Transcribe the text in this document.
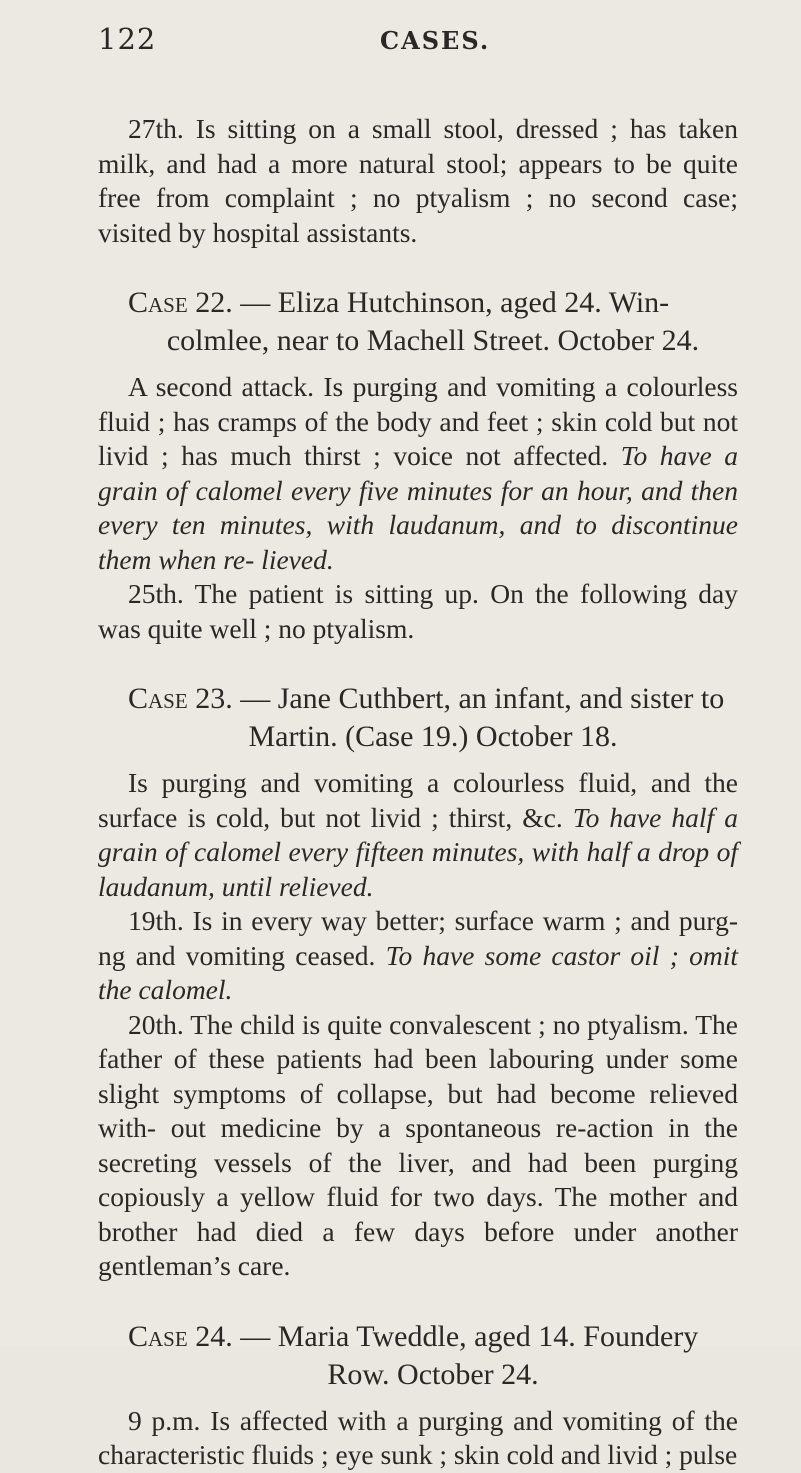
122	CASES.

27th. Is sitting on a small stool, dressed ; has taken milk, and had a more natural stool; appears to be quite free from complaint ; no ptyalism ; no second case; visited by hospital assistants.

Case 22. — Eliza Hutchinson, aged 24. Win-
colmlee, near to Machell Street. October 24.

A second attack. Is purging and vomiting a colourless fluid ; has cramps of the body and feet ; skin cold but not livid ; has much thirst ; voice not affected. To have a grain of calomel every five minutes for an hour, and then every ten minutes, with laudanum, and to discontinue them when re- lieved.

25th. The patient is sitting up. On the following day was quite well ; no ptyalism.

Case 23. — Jane Cuthbert, an infant, and sister to
Martin. (Case 19.) October 18.

Is purging and vomiting a colourless fluid, and the surface is cold, but not livid ; thirst, &c. To have half a grain of calomel every fifteen minutes, with half a drop of laudanum, until relieved.

19th. Is in every way better; surface warm ; and purg- ng and vomiting ceased. To have some castor oil ; omit the calomel.

20th. The child is quite convalescent ; no ptyalism. The father of these patients had been labouring under some slight symptoms of collapse, but had become relieved with- out medicine by a spontaneous re-action in the secreting vessels of the liver, and had been purging copiously a yellow fluid for two days. The mother and brother had died a few days before under another gentleman’s care.

Case 24. — Maria Tweddle, aged 14. Foundery
Row. October 24.

9 p.m. Is affected with a purging and vomiting of the characteristic fluids ; eye sunk ; skin cold and livid ; pulse
